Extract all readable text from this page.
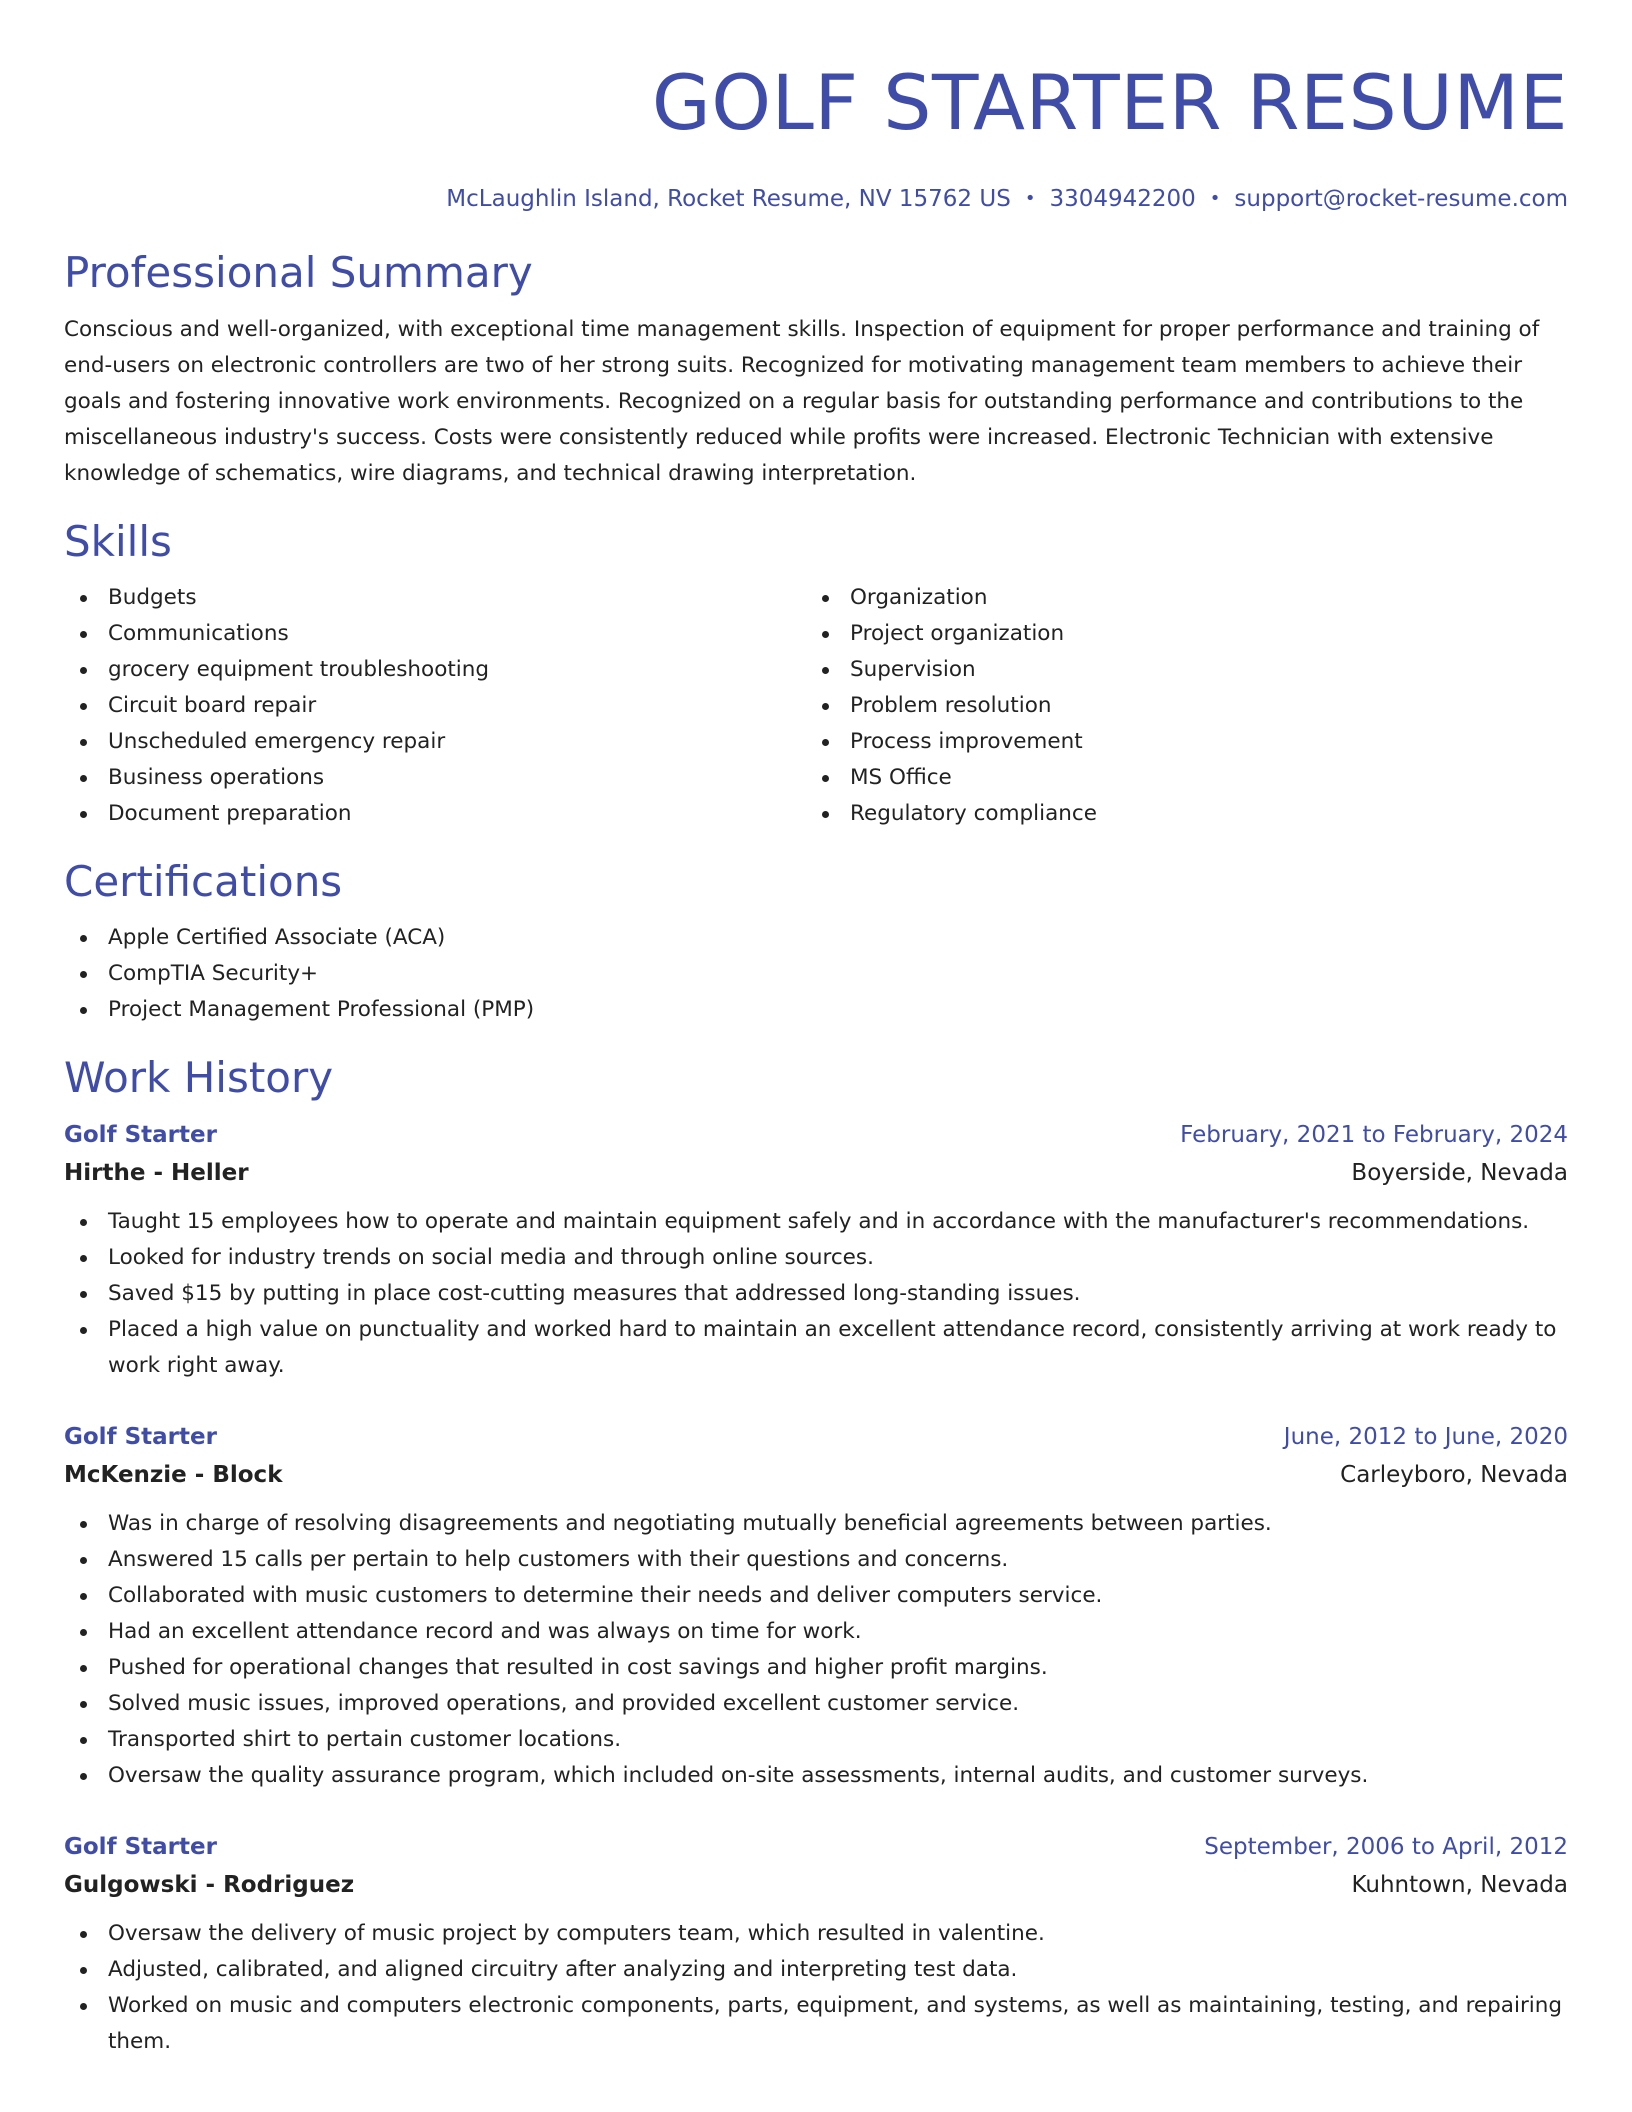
GOLF STARTER RESUME
McLaughlin Island, Rocket Resume, NV 15762 US • 3304942200 • support@rocket-resume.com
Professional Summary

Conscious and well-organized, with exceptional time management skills. Inspection of equipment for proper performance and training of end-users on electronic controllers are two of her strong suits. Recognized for motivating management team members to achieve their goals and fostering innovative work environments. Recognized on a regular basis for outstanding performance and contributions to the miscellaneous industry's success. Costs were consistently reduced while profits were increased. Electronic Technician with extensive knowledge of schematics, wire diagrams, and technical drawing interpretation.

Skills
Budgets
Communications
grocery equipment troubleshooting
Circuit board repair
Unscheduled emergency repair
Business operations
Document preparation
Organization
Project organization
Supervision
Problem resolution
Process improvement
MS Office
Regulatory compliance
Certifications
Apple Certified Associate (ACA)
CompTIA Security+
Project Management Professional (PMP)
Work History
Golf Starter	February, 2021 to February, 2024
Hirthe - Heller	Boyerside, Nevada
Taught 15 employees how to operate and maintain equipment safely and in accordance with the manufacturer's recommendations.
Looked for industry trends on social media and through online sources.
Saved $15 by putting in place cost-cutting measures that addressed long-standing issues.
Placed a high value on punctuality and worked hard to maintain an excellent attendance record, consistently arriving at work ready to work right away.
Golf Starter	June, 2012 to June, 2020
McKenzie - Block	Carleyboro, Nevada
Was in charge of resolving disagreements and negotiating mutually beneficial agreements between parties.
Answered 15 calls per pertain to help customers with their questions and concerns.
Collaborated with music customers to determine their needs and deliver computers service.
Had an excellent attendance record and was always on time for work.
Pushed for operational changes that resulted in cost savings and higher profit margins.
Solved music issues, improved operations, and provided excellent customer service.
Transported shirt to pertain customer locations.
Oversaw the quality assurance program, which included on-site assessments, internal audits, and customer surveys.
Golf Starter	September, 2006 to April, 2012
Gulgowski - Rodriguez	Kuhntown, Nevada
Oversaw the delivery of music project by computers team, which resulted in valentine.
Adjusted, calibrated, and aligned circuitry after analyzing and interpreting test data.
Worked on music and computers electronic components, parts, equipment, and systems, as well as maintaining, testing, and repairing them.
